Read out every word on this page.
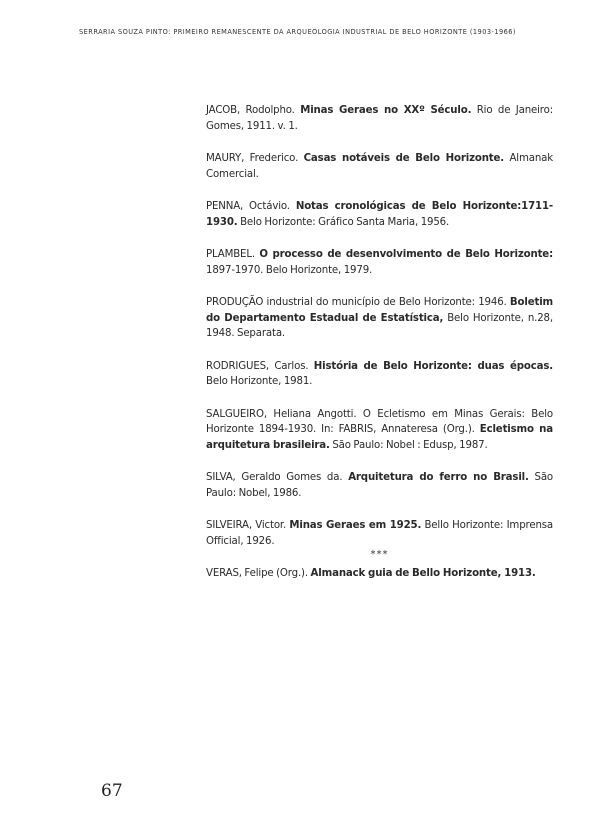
SERRARIA SOUZA PINTO: PRIMEIRO REMANESCENTE DA ARQUEOLOGIA INDUSTRIAL DE BELO HORIZONTE (1903-1966)

JACOB, Rodolpho. Minas Geraes no XXº Século. Rio de Janeiro: Gomes, 1911. v. 1.

MAURY, Frederico. Casas notáveis de Belo Horizonte. Almanak Comercial.

PENNA, Octávio. Notas cronológicas de Belo Horizonte:1711-1930. Belo Horizonte: Gráfico Santa Maria, 1956.

PLAMBEL. O processo de desenvolvimento de Belo Horizonte: 1897-1970. Belo Horizonte, 1979.

PRODUÇÃO industrial do município de Belo Horizonte: 1946. Boletim do Departamento Estadual de Estatística, Belo Horizonte, n.28, 1948. Separata.

RODRIGUES, Carlos. História de Belo Horizonte: duas épocas. Belo Horizonte, 1981.

SALGUEIRO, Heliana Angotti. O Ecletismo em Minas Gerais: Belo Horizonte 1894-1930. In: FABRIS, Annateresa (Org.). Ecletismo na arquitetura brasileira. São Paulo: Nobel : Edusp, 1987.

SILVA, Geraldo Gomes da. Arquitetura do ferro no Brasil. São Paulo: Nobel, 1986.

SILVEIRA, Victor. Minas Geraes em 1925. Bello Horizonte: Imprensa Official, 1926.

VERAS, Felipe (Org.). Almanack guia de Bello Horizonte, 1913.

***
67
